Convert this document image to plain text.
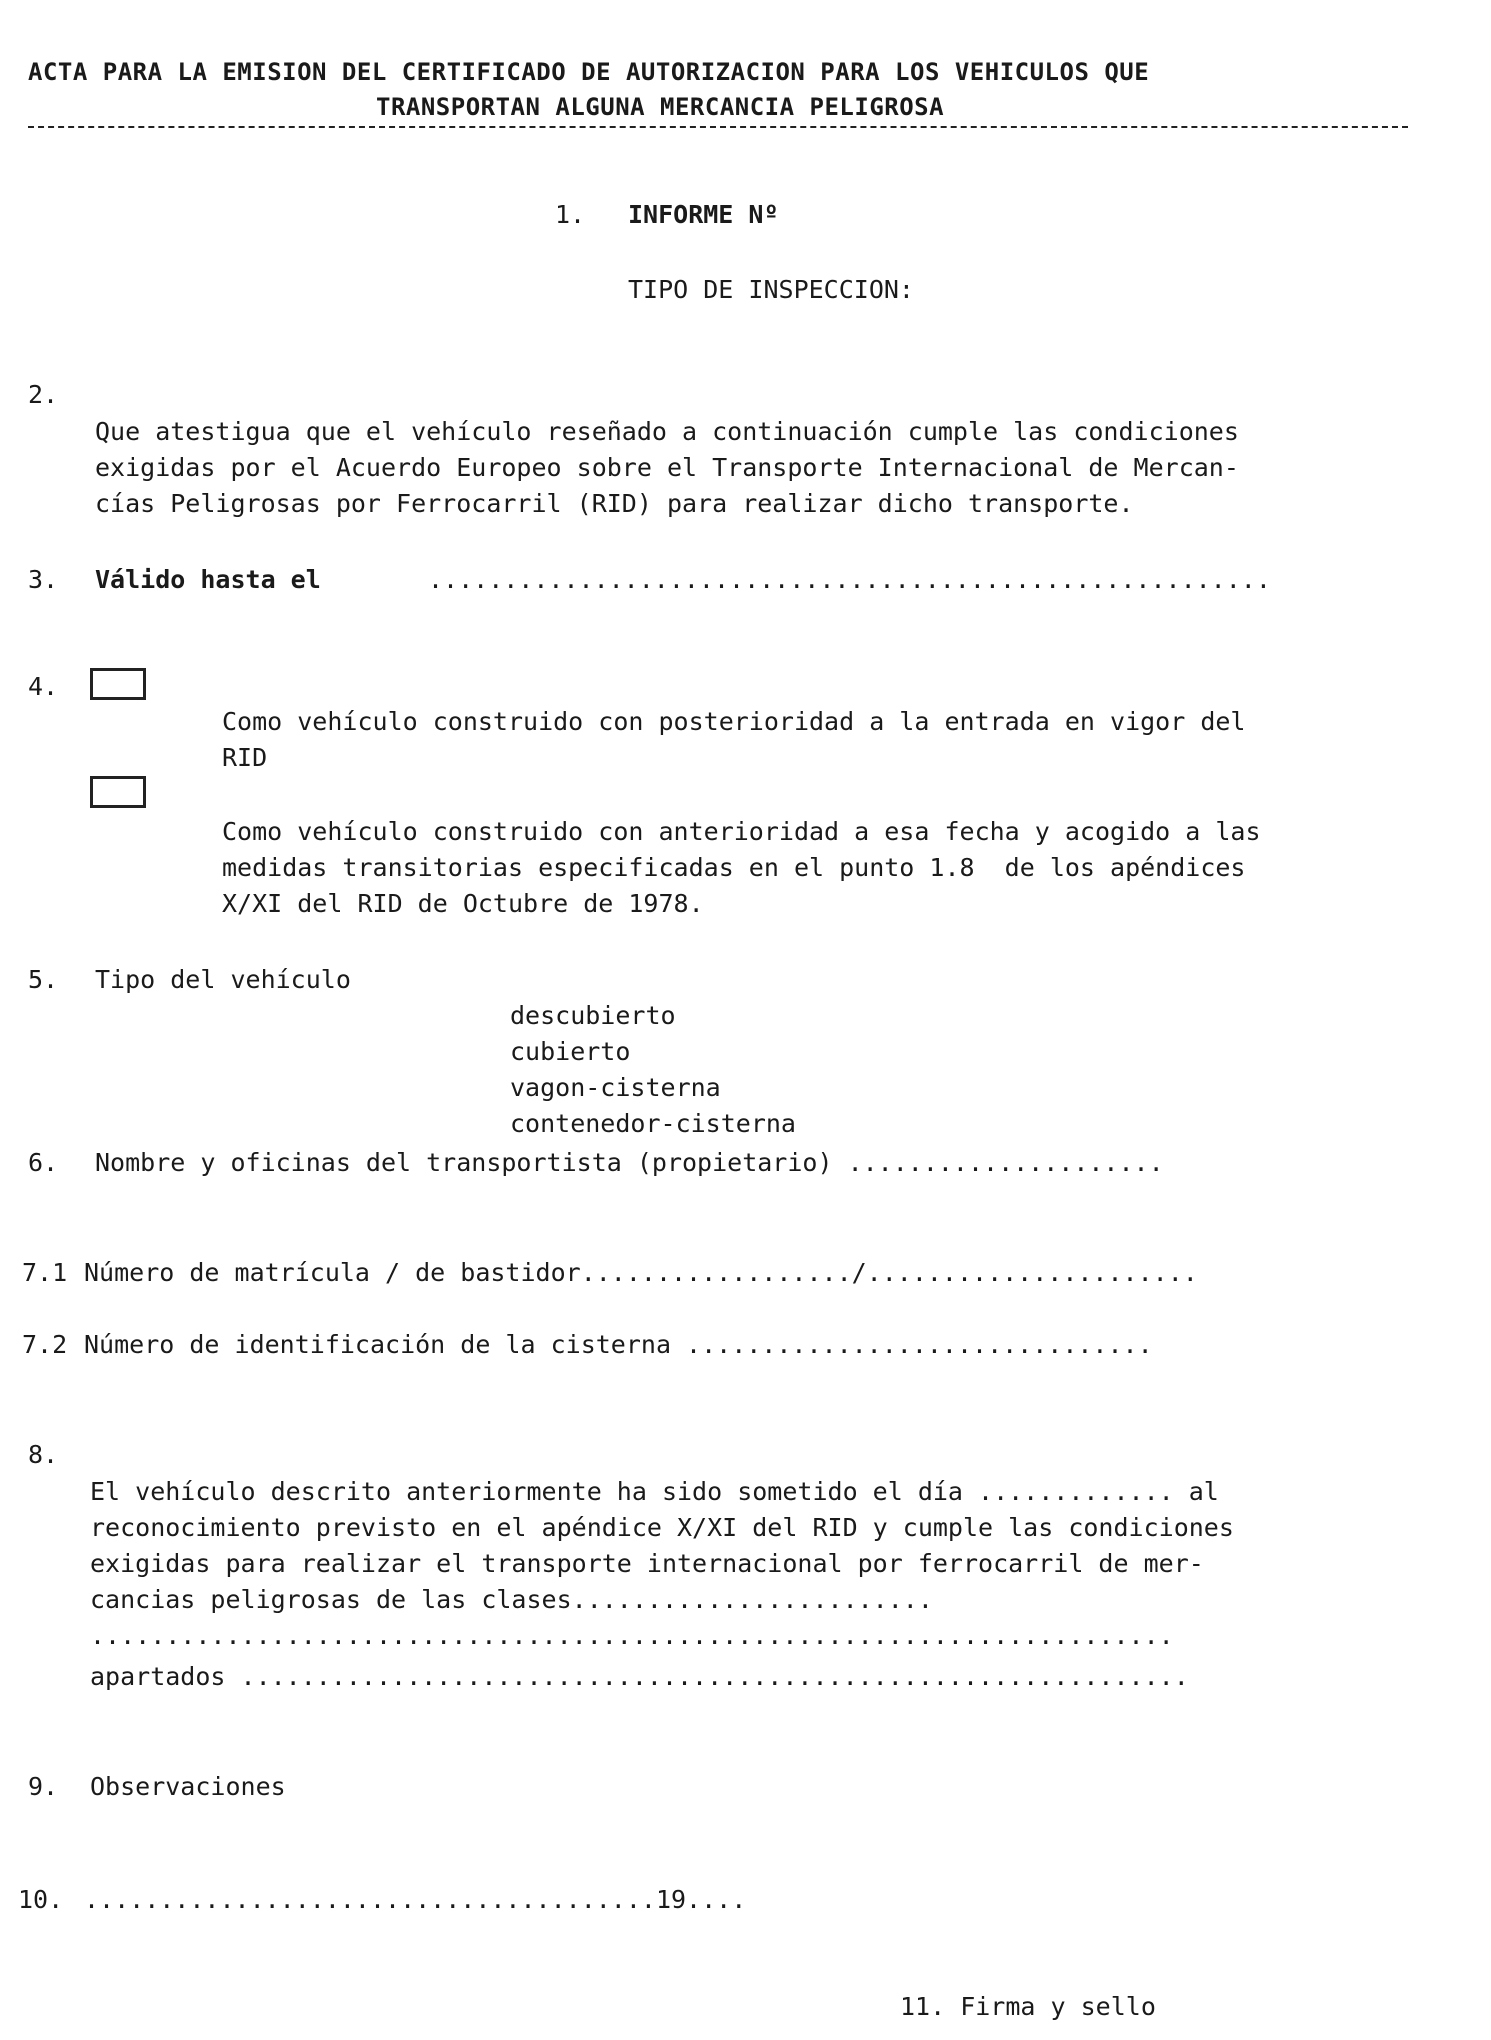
ACTA PARA LA EMISION DEL CERTIFICADO DE AUTORIZACION PARA LOS VEHICULOS QUE
TRANSPORTAN ALGUNA MERCANCIA PELIGROSA
1. INFORME Nº
TIPO DE INSPECCION:
2.

Que atestigua que el vehículo reseñado a continuación cumple las condiciones
exigidas por el Acuerdo Europeo sobre el Transporte Internacional de Mercan-
cías Peligrosas por Ferrocarril (RID) para realizar dicho transporte.
3. Válido hasta el	........................................................
4.

Como vehículo construido con posterioridad a la entrada en vigor del
RID

Como vehículo construido con anterioridad a esa fecha y acogido a las
medidas transitorias especificadas en el punto 1.8  de los apéndices
X/XI del RID de Octubre de 1978.
5. Tipo del vehículo

descubierto
cubierto
vagon-cisterna
contenedor-cisterna
6. Nombre y oficinas del transportista (propietario) .....................
7.1 Número de matrícula / de bastidor................../......................
7.2 Número de identificación de la cisterna ...............................
8.

El vehículo descrito anteriormente ha sido sometido el día ............. al
reconocimiento previsto en el apéndice X/XI del RID y cumple las condiciones
exigidas para realizar el transporte internacional por ferrocarril de mer-
cancias peligrosas de las clases........................
........................................................................
apartados ...............................................................
9. Observaciones
10. ......................................19....
11. Firma y sello
